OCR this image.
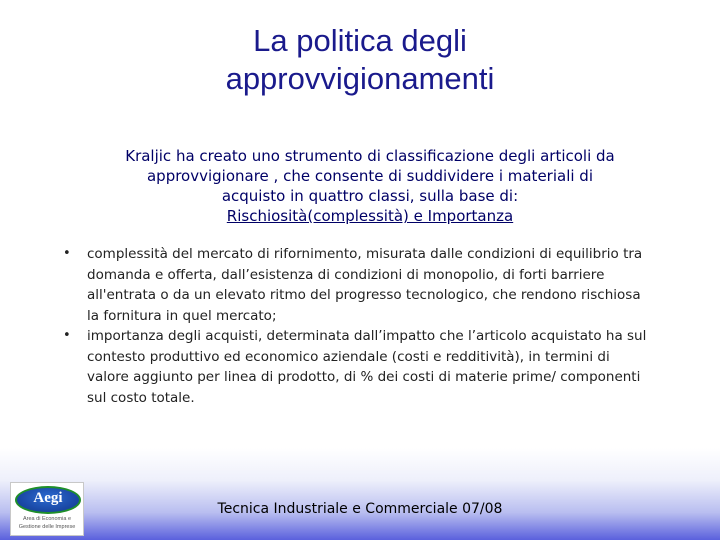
La politica degli
approvvigionamenti
Kraljic ha creato uno strumento di classificazione degli articoli da
approvvigionare , che consente di suddividere i materiali di
acquisto in quattro classi, sulla base di:
Rischiosità(complessità) e Importanza
• complessità del mercato di rifornimento, misurata dalle condizioni di equilibrio tra
domanda e offerta, dall’esistenza di condizioni di monopolio, di forti barriere
all'entrata o da un elevato ritmo del progresso tecnologico, che rendono rischiosa
la fornitura in quel mercato;
• importanza degli acquisti, determinata dall’impatto che l’articolo acquistato ha sul
contesto produttivo ed economico aziendale (costi e redditività), in termini di
valore aggiunto per linea di prodotto, di % dei costi di materie prime/ componenti
sul costo totale.
Aegi
Area di Economia e
Gestione delle Imprese
Tecnica Industriale e Commerciale 07/08
